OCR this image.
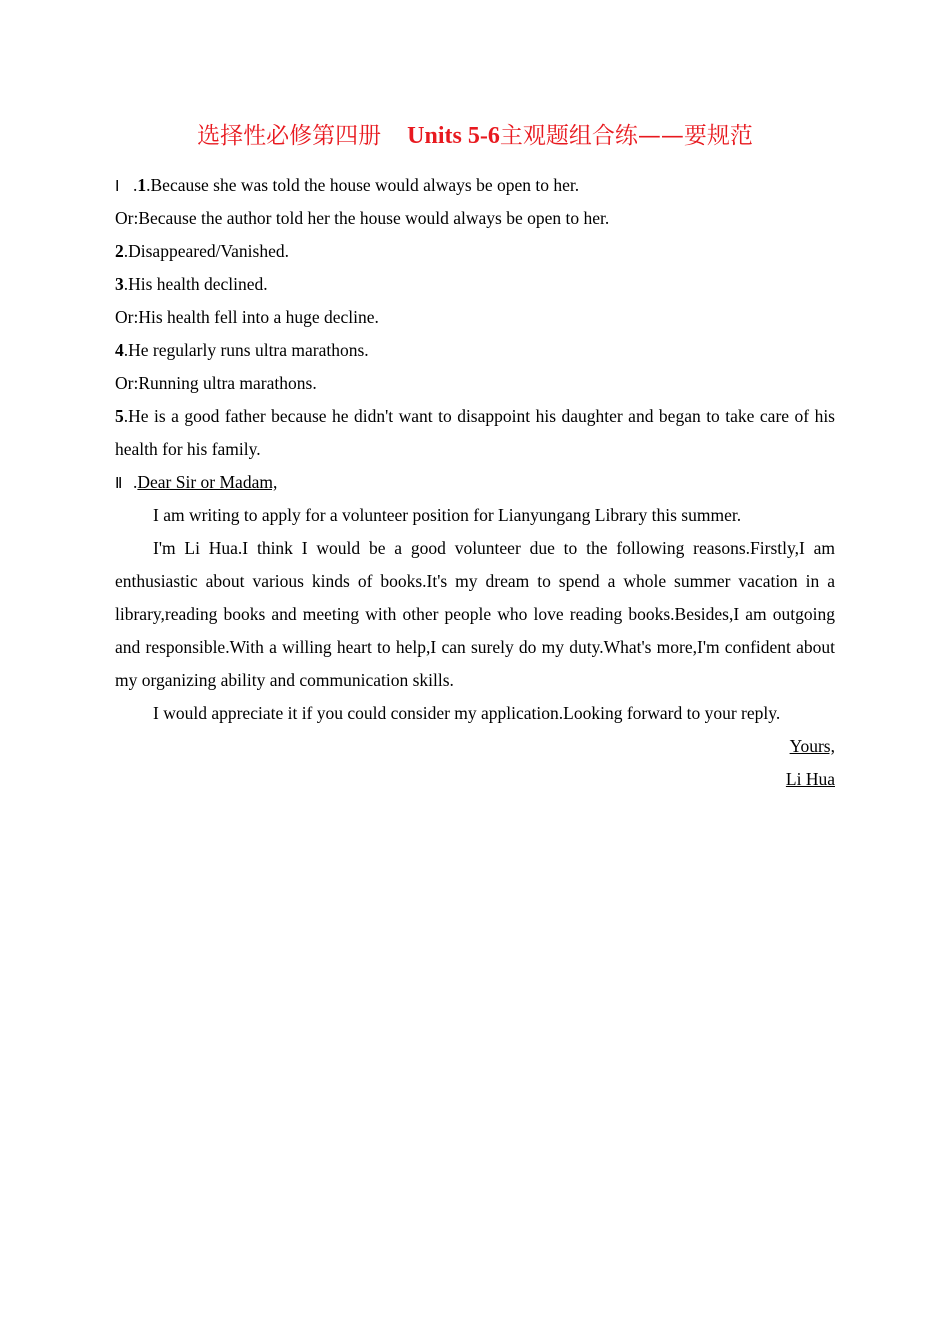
选择性必修第四册 Units 5-6主观题组合练——要规范
Ⅰ .1.Because she was told the house would always be open to her.
Or:Because the author told her the house would always be open to her.
2.Disappeared/Vanished.
3.His health declined.
Or:His health fell into a huge decline.
4.He regularly runs ultra marathons.
Or:Running ultra marathons.
5.He is a good father because he didn't want to disappoint his daughter and began to take care of his health for his family.
Ⅱ .Dear Sir or Madam,
I am writing to apply for a volunteer position for Lianyungang Library this summer.
I'm Li Hua.I think I would be a good volunteer due to the following reasons.Firstly,I am enthusiastic about various kinds of books.It's my dream to spend a whole summer vacation in a library,reading books and meeting with other people who love reading books.Besides,I am outgoing and responsible.With a willing heart to help,I can surely do my duty.What's more,I'm confident about my organizing ability and communication skills.
I would appreciate it if you could consider my application.Looking forward to your reply.
Yours,
Li Hua
